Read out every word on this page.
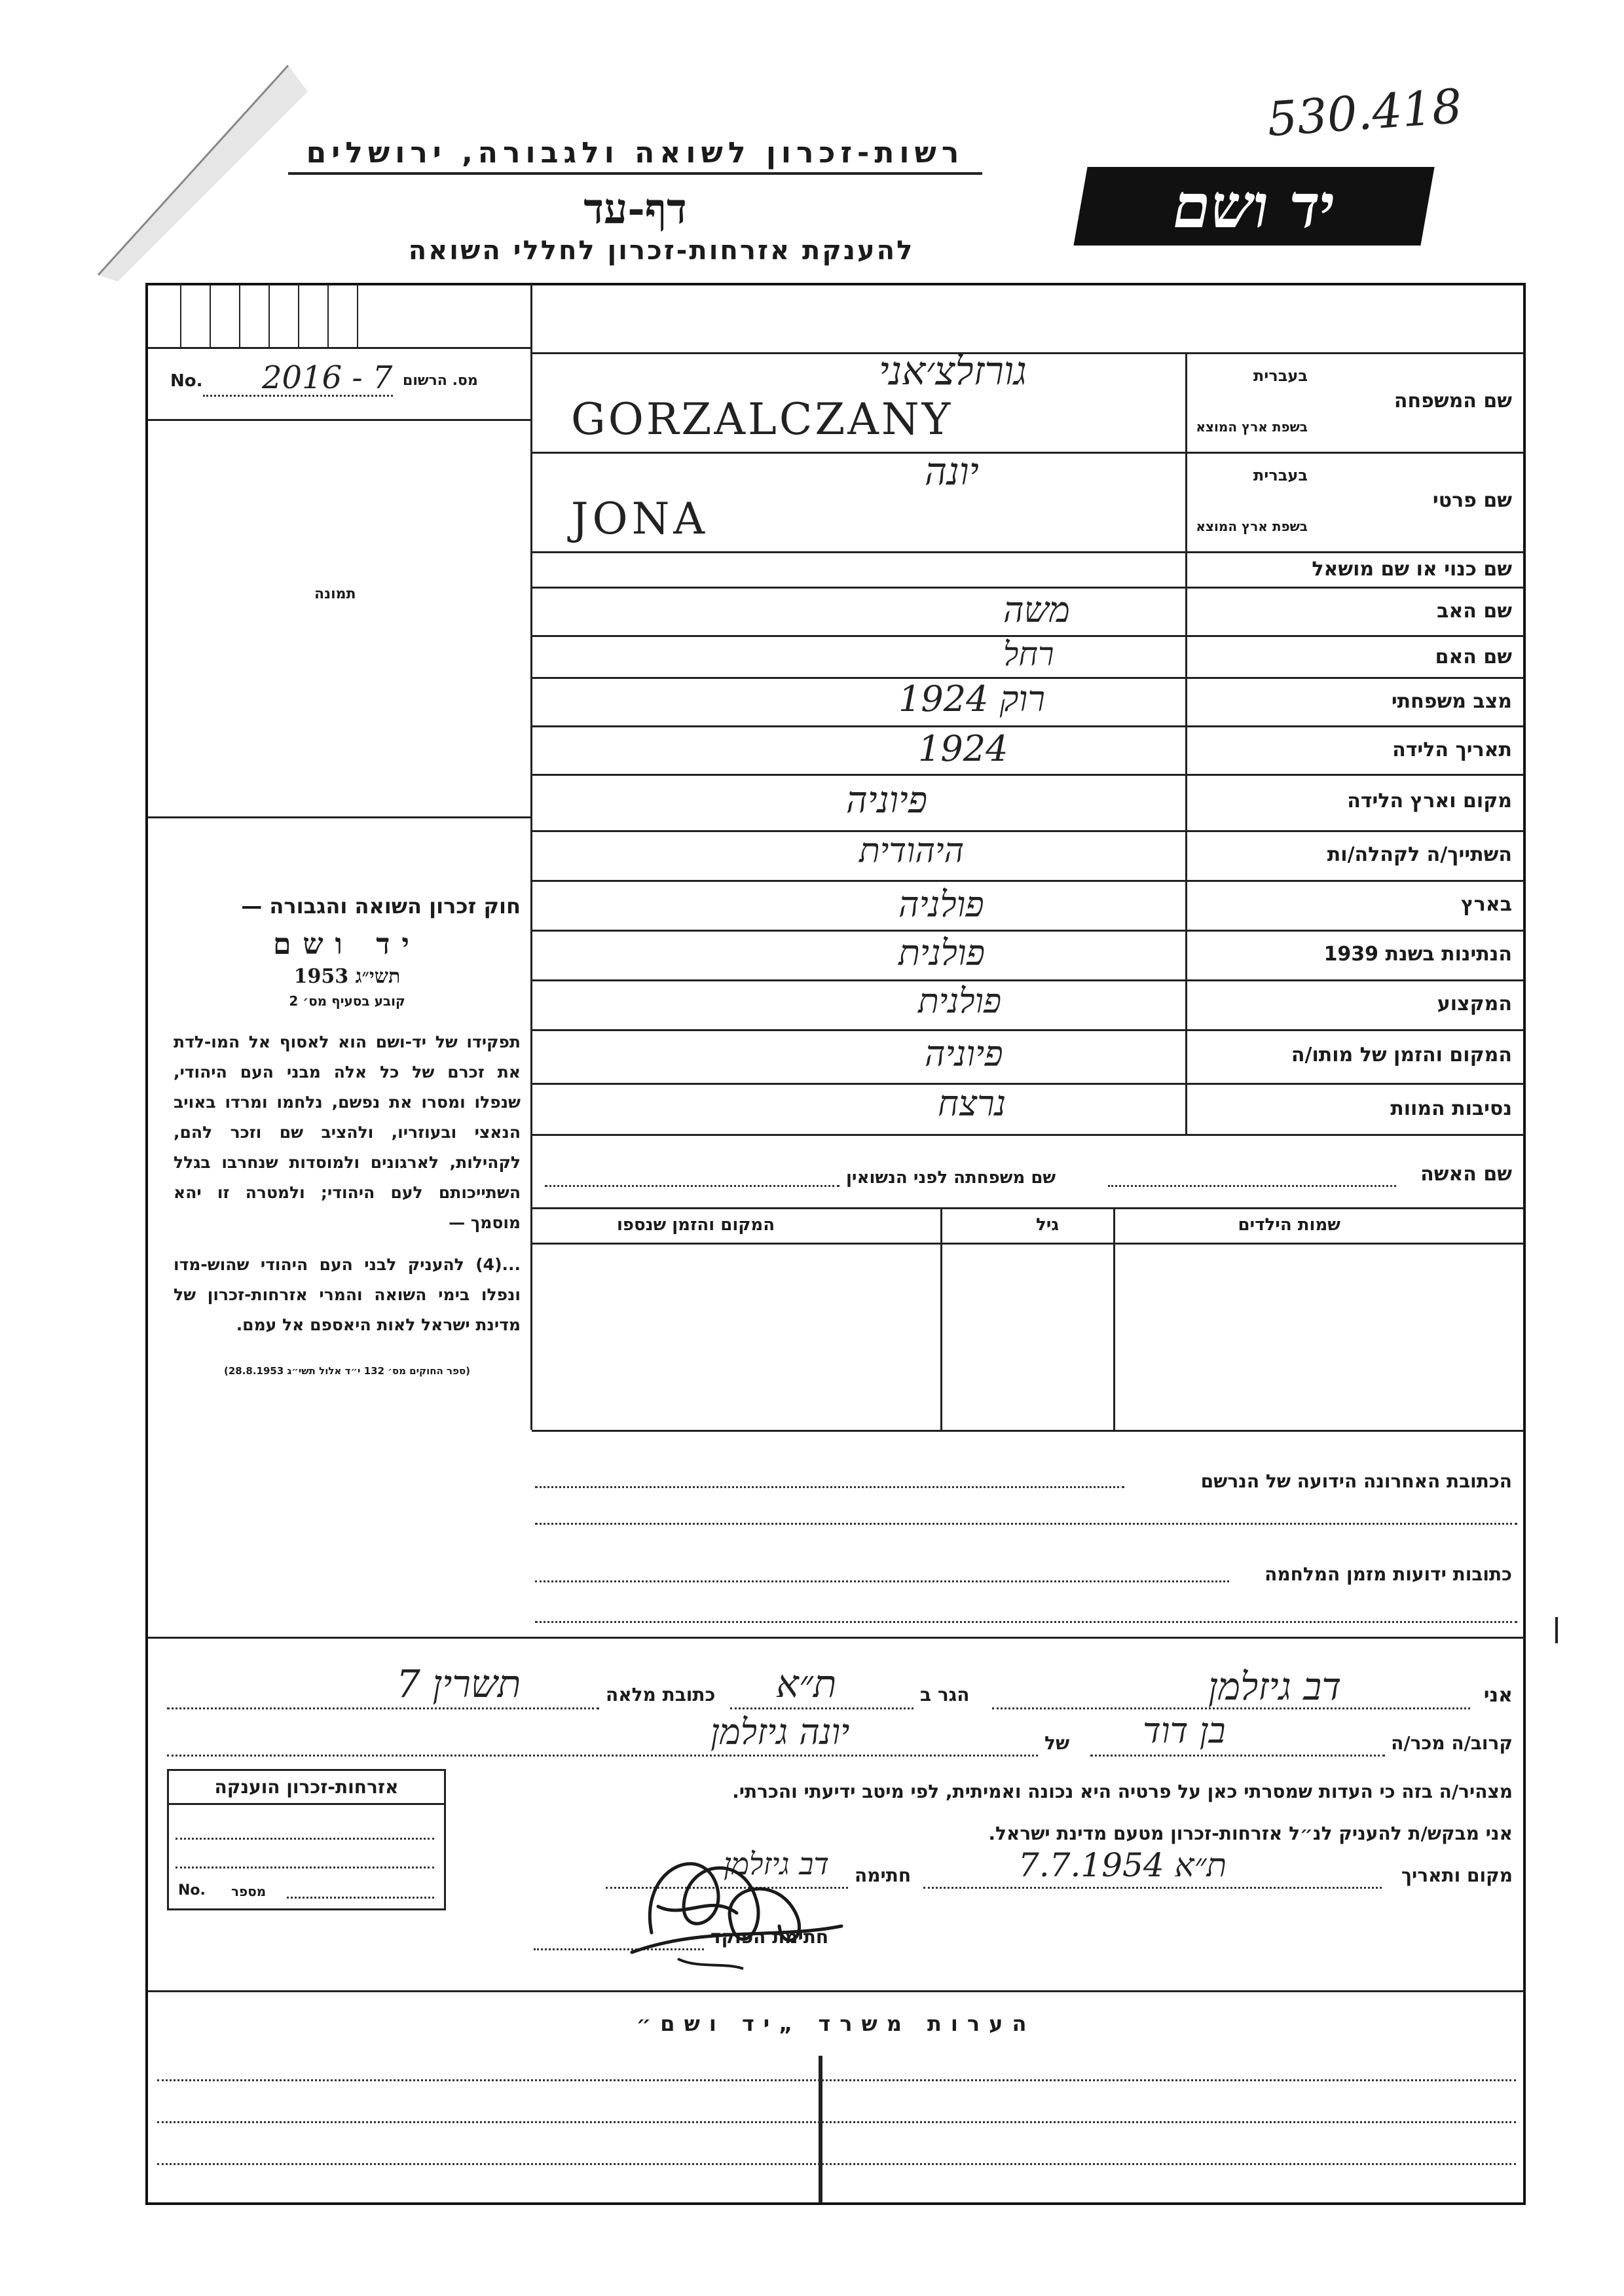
רשות-זכרון לשואה ולגבורה, ירושלים
דף-עד
להענקת אזרחות-זכרון לחללי השואה
יד ושם
530.418
No. 2016 - 7 מס. הרשום
תמונה
חוק זכרון השואה והגבורה —
יד ושם
תשי״ג 1953
קובע בסעיף מס׳ 2
תפקידו של יד-ושם הוא לאסוף אל המו-לדת את זכרם של כל אלה מבני העם היהודי, שנפלו ומסרו את נפשם, נלחמו ומרדו באויב הנאצי ובעוזריו, ולהציב שם וזכר להם, לקהילות, לארגונים ולמוסדות שנחרבו בגלל השתייכותם לעם היהודי; ולמטרה זו יהא מוסמך —
...(4) להעניק לבני העם היהודי שהוש-מדו ונפלו בימי השואה והמרי אזרחות-זכרון של מדינת ישראל לאות היאספם אל עמם.
(ספר החוקים מס׳ 132 י״ד אלול תשי״ג 28.8.1953)
שם המשפחה
בעברית
בשפת ארץ המוצא
גורזלצ׳אני
GORZALCZANY
שם פרטי
בעברית
בשפת ארץ המוצא
יונה
JONA
שם כנוי או שם מושאל
שם האב
משה
שם האם
רחל
מצב משפחתי
רוק 1924
תאריך הלידה
1924
מקום וארץ הלידה
פיוניה
השתייך/ה לקהלה/ות
היהודית
בארץ
פולניה
הנתינות בשנת 1939
פולנית
המקצוע
פולנית
המקום והזמן של מותו/ה
פיוניה
נסיבות המוות
נרצח
שם האשה
שם משפחתה לפני הנשואין
שמות הילדים
גיל
המקום והזמן שנספו
הכתובת האחרונה הידועה של הנרשם
כתובות ידועות מזמן המלחמה
אני
דב גיזלמן
הגר ב
ת״א
כתובת מלאה
תשרין 7
קרוב/ה מכר/ה
בן דוד
של
יונה גיזלמן
מצהיר/ה בזה כי העדות שמסרתי כאן על פרטיה היא נכונה ואמיתית, לפי מיטב ידיעתי והכרתי.
אני מבקש/ת להעניק לנ״ל אזרחות-זכרון מטעם מדינת ישראל.
מקום ותאריך
ת״א 7.7.1954
חתימה
דב גיזלמן
חתימת הפוקד
אזרחות-זכרון הוענקה
No. מספר
הערות משרד „יד ושם״
